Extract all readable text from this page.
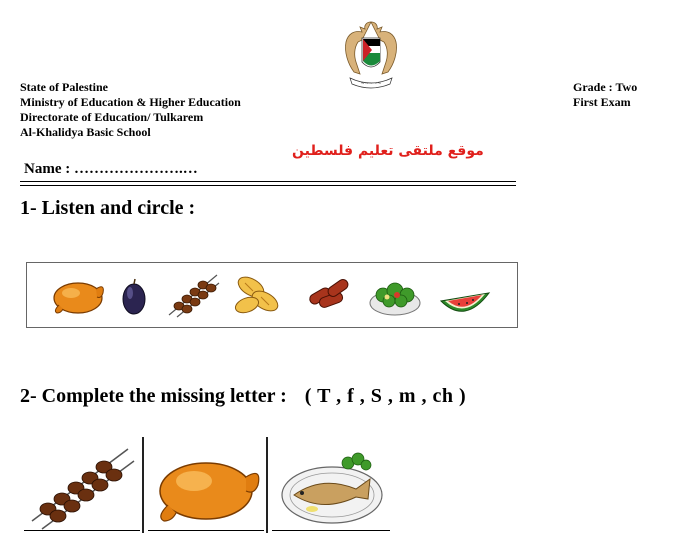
State of Palestine
Ministry of Education & Higher Education
Directorate of Education/ Tulkarem
Al-Khalidya Basic School
Grade : Two
First Exam
~~~~~
موقع ملتقى تعليم فلسطين
Name : ………………….…
1- Listen and circle :
2- Complete the missing letter : ( T , f , S , m , ch )
